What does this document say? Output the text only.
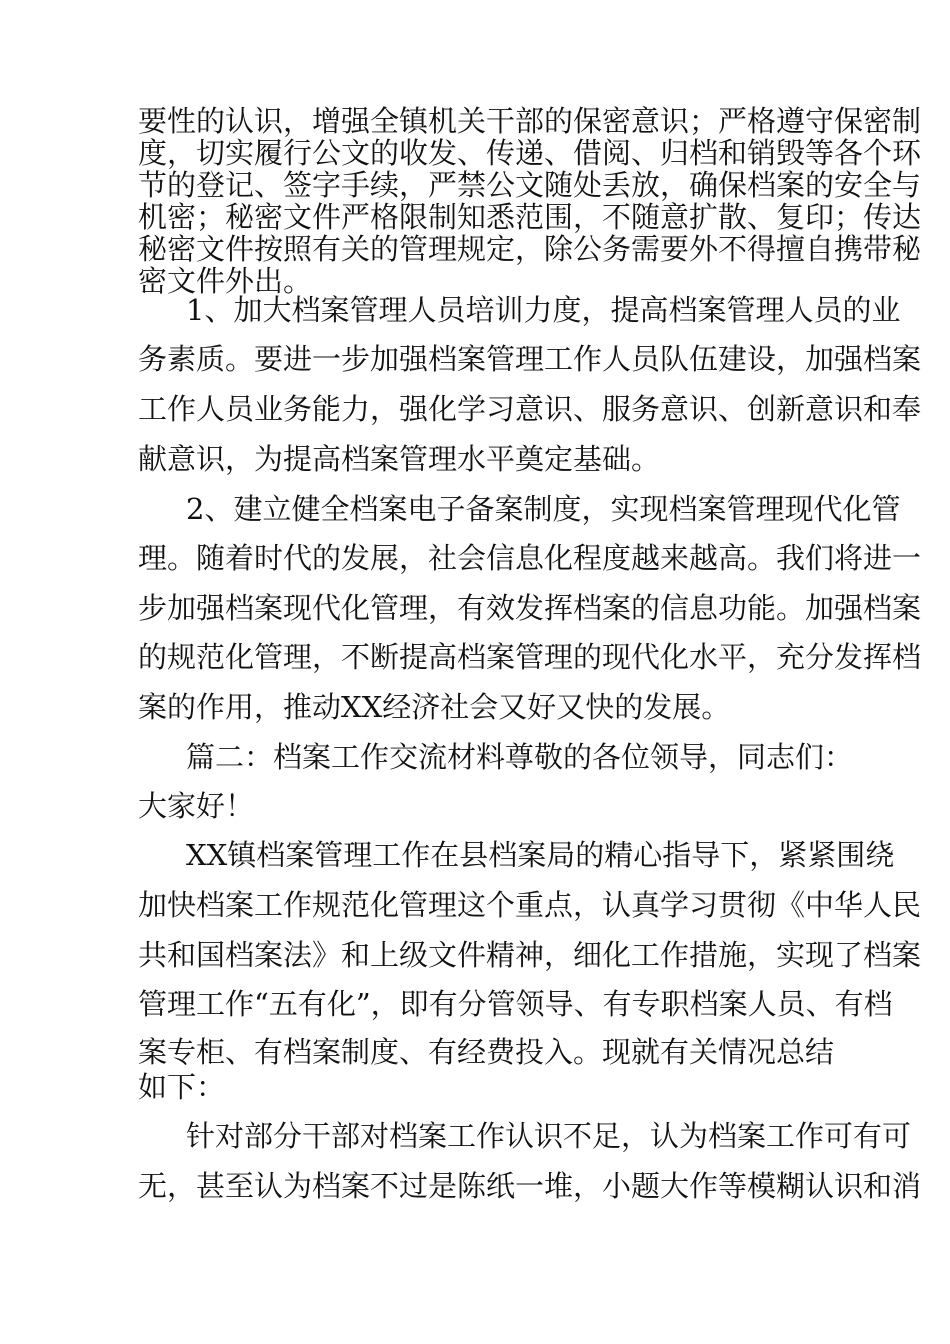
要性的认识，增强全镇机关干部的保密意识；严格遵守保密制
度，切实履行公文的收发、传递、借阅、归档和销毁等各个环
节的登记、签字手续，严禁公文随处丢放，确保档案的安全与
机密；秘密文件严格限制知悉范围，不随意扩散、复印；传达
秘密文件按照有关的管理规定，除公务需要外不得擅自携带秘
密文件外出。
1、加大档案管理人员培训力度，提高档案管理人员的业
务素质。要进一步加强档案管理工作人员队伍建设，加强档案
工作人员业务能力，强化学习意识、服务意识、创新意识和奉
献意识，为提高档案管理水平奠定基础。
2、建立健全档案电子备案制度，实现档案管理现代化管
理。随着时代的发展，社会信息化程度越来越高。我们将进一
步加强档案现代化管理，有效发挥档案的信息功能。加强档案
的规范化管理，不断提高档案管理的现代化水平，充分发挥档
案的作用，推动XX经济社会又好又快的发展。
篇二：档案工作交流材料尊敬的各位领导，同志们：
大家好！
XX镇档案管理工作在县档案局的精心指导下，紧紧围绕
加快档案工作规范化管理这个重点，认真学习贯彻《中华人民
共和国档案法》和上级文件精神，细化工作措施，实现了档案
管理工作“五有化”，即有分管领导、有专职档案人员、有档
案专柜、有档案制度、有经费投入。现就有关情况总结
如下：
针对部分干部对档案工作认识不足，认为档案工作可有可
无，甚至认为档案不过是陈纸一堆，小题大作等模糊认识和消
